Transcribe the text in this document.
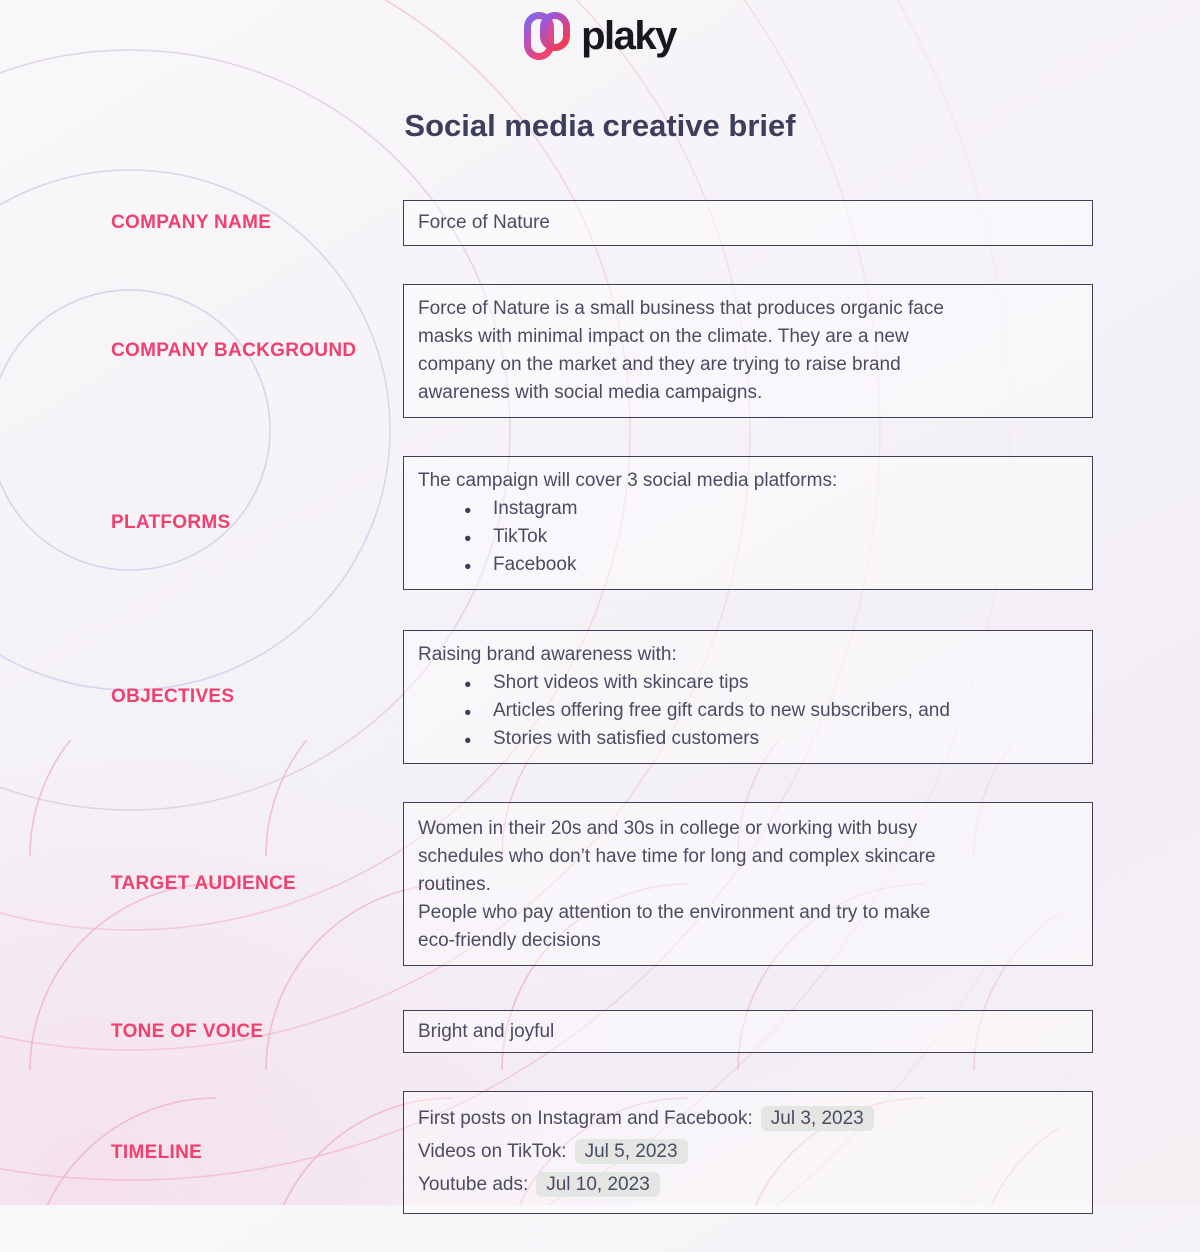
plaky
Social media creative brief
COMPANY NAME	Force of Nature
COMPANY BACKGROUND
Force of Nature is a small business that produces organic face
masks with minimal impact on the climate. They are a new
company on the market and they are trying to raise brand
awareness with social media campaigns.
PLATFORMS
The campaign will cover 3 social media platforms:
● Instagram
● TikTok
● Facebook
OBJECTIVES
Raising brand awareness with:
● Short videos with skincare tips
● Articles offering free gift cards to new subscribers, and
● Stories with satisfied customers
TARGET AUDIENCE
Women in their 20s and 30s in college or working with busy
schedules who don’t have time for long and complex skincare
routines.
People who pay attention to the environment and try to make
eco-friendly decisions
TONE OF VOICE	Bright and joyful
TIMELINE
First posts on Instagram and Facebook: Jul 3, 2023
Videos on TikTok: Jul 5, 2023
Youtube ads: Jul 10, 2023
